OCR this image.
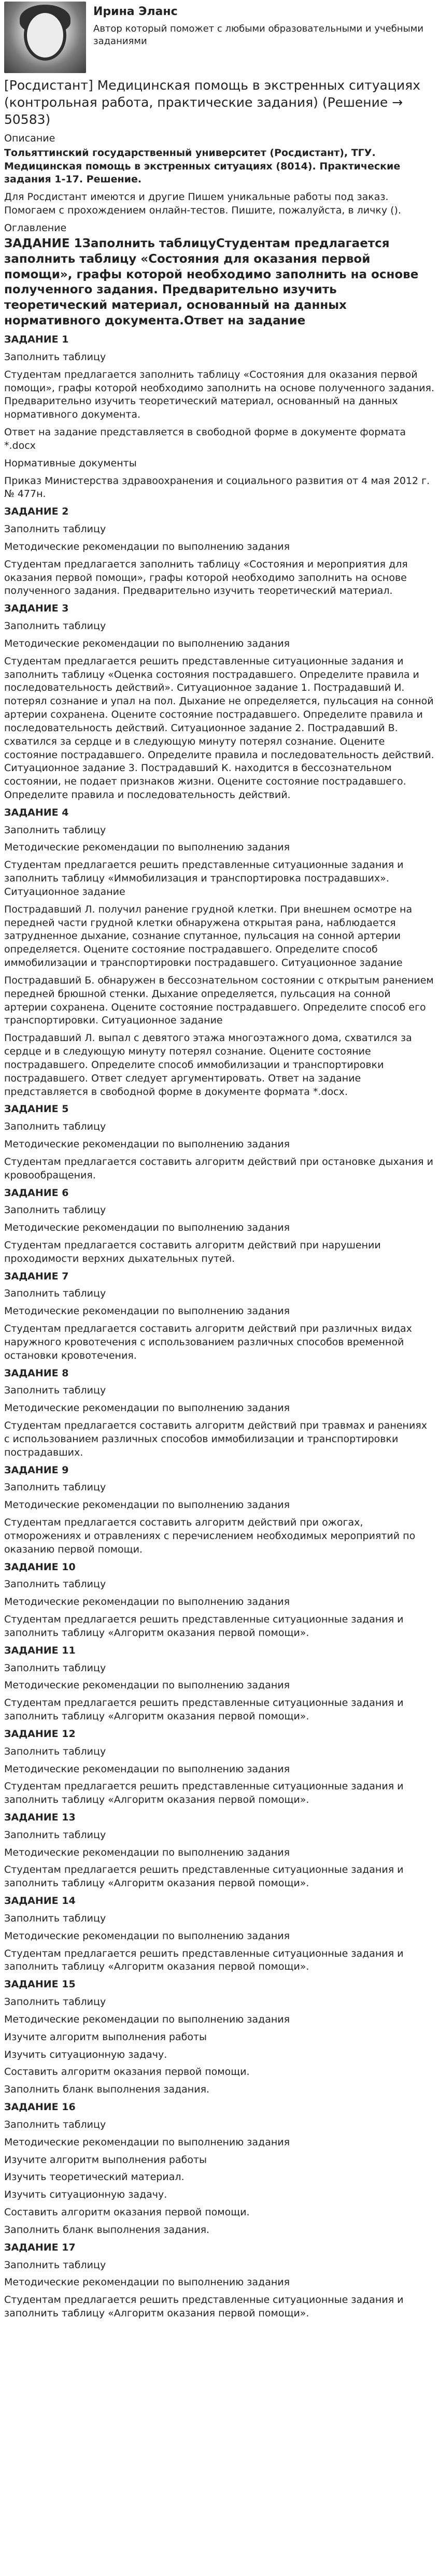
Ирина Эланс
Автор который поможет с любыми образовательными и учебными заданиями
[Росдистант] Медицинская помощь в экстренных ситуациях (контрольная работа, практические задания) (Решение → 50583)
Описание

Тольяттинский государственный университет (Росдистант), ТГУ. Медицинская помощь в экстренных ситуациях (8014). Практические задания 1-17. Решение.

Для Росдистант имеются и другие Пишем уникальные работы под заказ. Помогаем с прохождением онлайн-тестов. Пишите, пожалуйста, в личку ().

Оглавление

ЗАДАНИЕ 1Заполнить таблицуСтудентам предлагается заполнить таблицу «Состояния для оказания первой помощи», графы которой необходимо заполнить на основе полученного задания. Предварительно изучить теоретический материал, основанный на данных нормативного документа.Ответ на задание

ЗАДАНИЕ 1
Заполнить таблицу
Студентам предлагается заполнить таблицу «Состояния для оказания первой помощи», графы которой необходимо заполнить на основе полученного задания. Предварительно изучить теоретический материал, основанный на данных нормативного документа.
Ответ на задание представляется в свободной форме в документе формата *.docx
Нормативные документы
Приказ Министерства здравоохранения и социального развития от 4 мая 2012 г. № 477н.
ЗАДАНИЕ 2
Заполнить таблицу
Методические рекомендации по выполнению задания
Студентам предлагается заполнить таблицу «Состояния и мероприятия для оказания первой помощи», графы которой необходимо заполнить на основе полученного задания. Предварительно изучить теоретический материал.
ЗАДАНИЕ 3
Заполнить таблицу
Методические рекомендации по выполнению задания
Студентам предлагается решить представленные ситуационные задания и заполнить таблицу «Оценка состояния пострадавшего. Определите правила и последовательность действий». Ситуационное задание 1. Пострадавший И. потерял сознание и упал на пол. Дыхание не определяется, пульсация на сонной артерии сохранена. Оцените состояние пострадавшего. Определите правила и последовательность действий. Ситуационное задание 2. Пострадавший В. схватился за сердце и в следующую минуту потерял сознание. Оцените состояние пострадавшего. Определите правила и последовательность действий. Ситуационное задание 3. Пострадавший К. находится в бессознательном состоянии, не подает признаков жизни. Оцените состояние пострадавшего. Определите правила и последовательность действий.
ЗАДАНИЕ 4
Заполнить таблицу
Методические рекомендации по выполнению задания
Студентам предлагается решить представленные ситуационные задания и заполнить таблицу «Иммобилизация и транспортировка пострадавших». Ситуационное задание
Пострадавший Л. получил ранение грудной клетки. При внешнем осмотре на передней части грудной клетки обнаружена открытая рана, наблюдается затрудненное дыхание, сознание спутанное, пульсация на сонной артерии определяется. Оцените состояние пострадавшего. Определите способ иммобилизации и транспортировки пострадавшего. Ситуационное задание
Пострадавший Б. обнаружен в бессознательном состоянии с открытым ранением передней брюшной стенки. Дыхание определяется, пульсация на сонной артерии сохранена. Оцените состояние пострадавшего. Определите способ его транспортировки. Ситуационное задание
Пострадавший Л. выпал с девятого этажа многоэтажного дома, схватился за сердце и в следующую минуту потерял сознание. Оцените состояние пострадавшего. Определите способ иммобилизации и транспортировки пострадавшего. Ответ следует аргументировать. Ответ на задание представляется в свободной форме в документе формата *.docx.
ЗАДАНИЕ 5
Заполнить таблицу
Методические рекомендации по выполнению задания
Студентам предлагается составить алгоритм действий при остановке дыхания и кровообращения.
ЗАДАНИЕ 6
Заполнить таблицу
Методические рекомендации по выполнению задания
Студентам предлагается составить алгоритм действий при нарушении проходимости верхних дыхательных путей.
ЗАДАНИЕ 7
Заполнить таблицу
Методические рекомендации по выполнению задания
Студентам предлагается составить алгоритм действий при различных видах наружного кровотечения с использованием различных способов временной остановки кровотечения.
ЗАДАНИЕ 8
Заполнить таблицу
Методические рекомендации по выполнению задания
Студентам предлагается составить алгоритм действий при травмах и ранениях с использованием различных способов иммобилизации и транспортировки пострадавших.
ЗАДАНИЕ 9
Заполнить таблицу
Методические рекомендации по выполнению задания
Студентам предлагается составить алгоритм действий при ожогах, отморожениях и отравлениях с перечислением необходимых мероприятий по оказанию первой помощи.
ЗАДАНИЕ 10
Заполнить таблицу
Методические рекомендации по выполнению задания
Студентам предлагается решить представленные ситуационные задания и заполнить таблицу «Алгоритм оказания первой помощи».
ЗАДАНИЕ 11
Заполнить таблицу
Методические рекомендации по выполнению задания
Студентам предлагается решить представленные ситуационные задания и заполнить таблицу «Алгоритм оказания первой помощи».
ЗАДАНИЕ 12
Заполнить таблицу
Методические рекомендации по выполнению задания
Студентам предлагается решить представленные ситуационные задания и заполнить таблицу «Алгоритм оказания первой помощи».
ЗАДАНИЕ 13
Заполнить таблицу
Методические рекомендации по выполнению задания
Студентам предлагается решить представленные ситуационные задания и заполнить таблицу «Алгоритм оказания первой помощи».
ЗАДАНИЕ 14
Заполнить таблицу
Методические рекомендации по выполнению задания
Студентам предлагается решить представленные ситуационные задания и заполнить таблицу «Алгоритм оказания первой помощи».
ЗАДАНИЕ 15
Заполнить таблицу
Методические рекомендации по выполнению задания
Изучите алгоритм выполнения работы
Изучить ситуационную задачу.
Составить алгоритм оказания первой помощи.
Заполнить бланк выполнения задания.
ЗАДАНИЕ 16
Заполнить таблицу
Методические рекомендации по выполнению задания
Изучите алгоритм выполнения работы
Изучить теоретический материал.
Изучить ситуационную задачу.
Составить алгоритм оказания первой помощи.
Заполнить бланк выполнения задания.
ЗАДАНИЕ 17
Заполнить таблицу
Методические рекомендации по выполнению задания
Студентам предлагается решить представленные ситуационные задания и заполнить таблицу «Алгоритм оказания первой помощи».
